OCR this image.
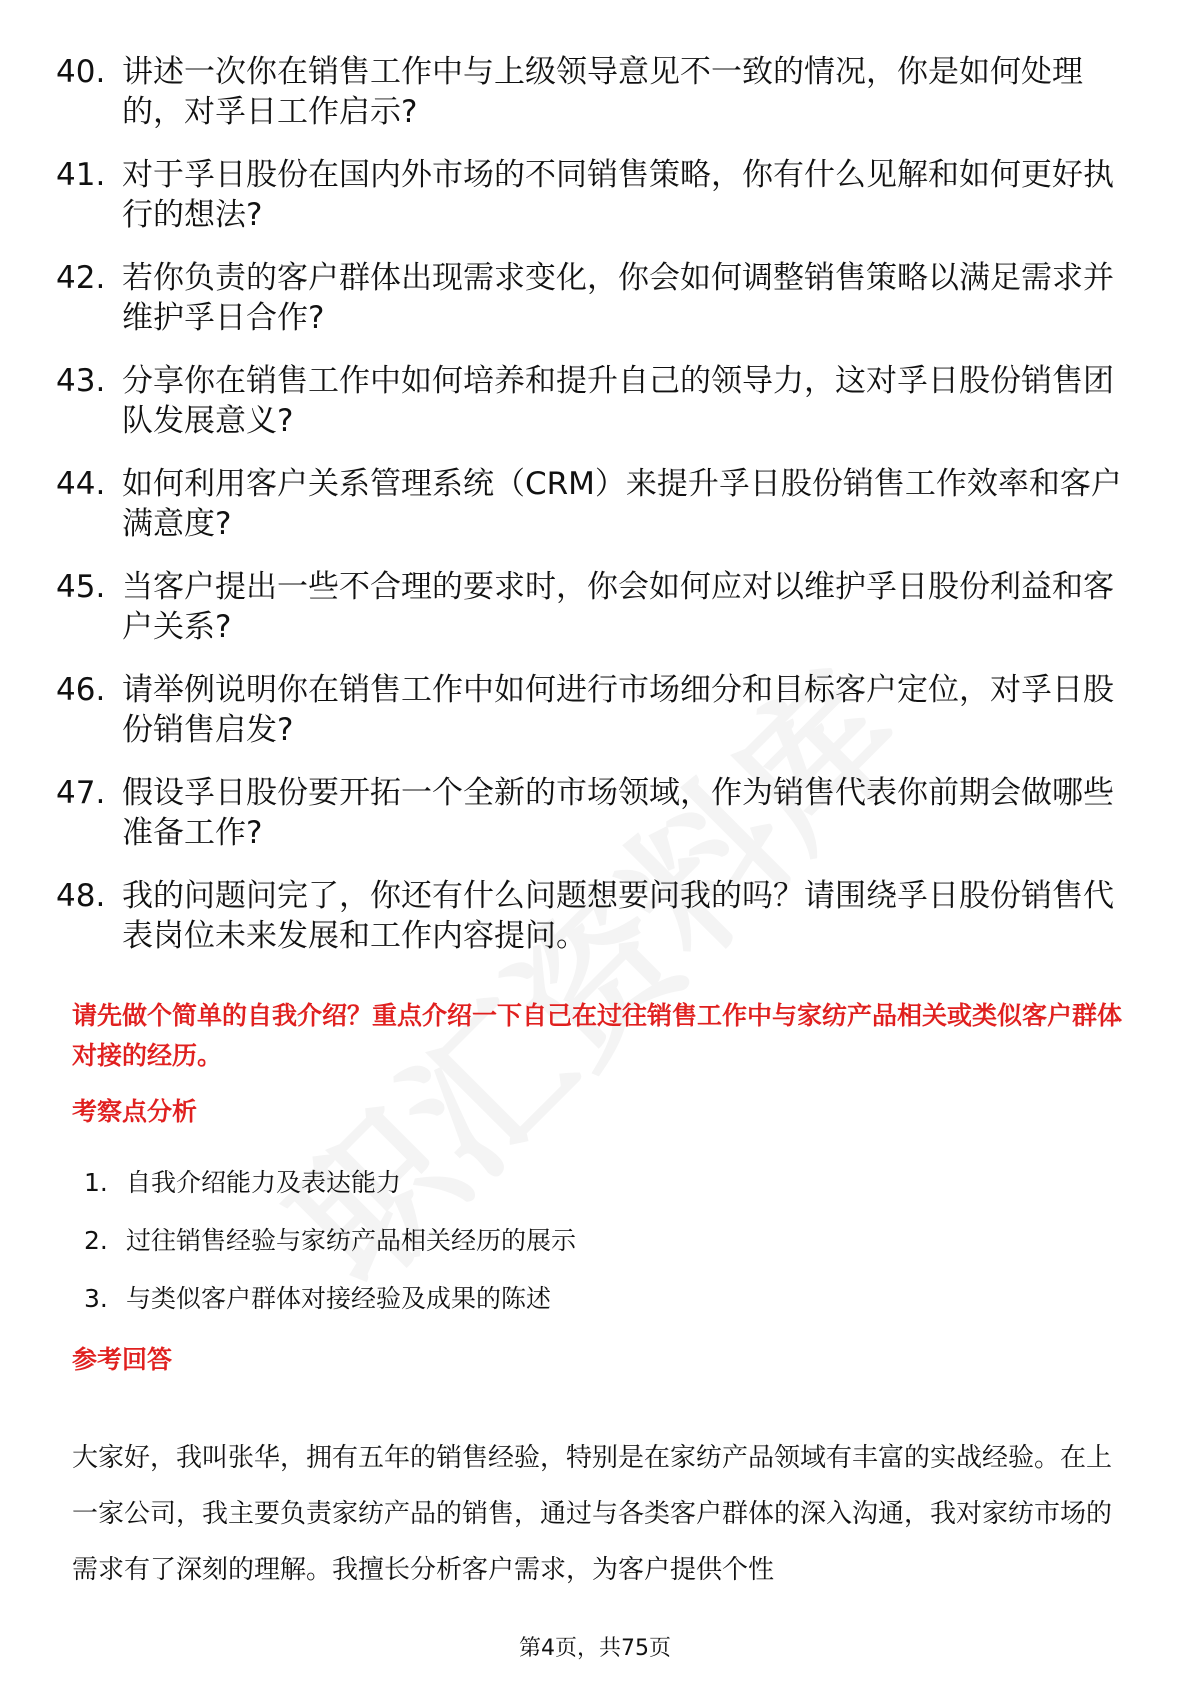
40. 讲述一次你在销售工作中与上级领导意见不一致的情况，你是如何处理的，对孚日工作启示?
41. 对于孚日股份在国内外市场的不同销售策略，你有什么见解和如何更好执行的想法?
42. 若你负责的客户群体出现需求变化，你会如何调整销售策略以满足需求并维护孚日合作?
43. 分享你在销售工作中如何培养和提升自己的领导力，这对孚日股份销售团队发展意义?
44. 如何利用客户关系管理系统（CRM）来提升孚日股份销售工作效率和客户满意度?
45. 当客户提出一些不合理的要求时，你会如何应对以维护孚日股份利益和客户关系?
46. 请举例说明你在销售工作中如何进行市场细分和目标客户定位，对孚日股份销售启发?
47. 假设孚日股份要开拓一个全新的市场领域，作为销售代表你前期会做哪些准备工作?
48. 我的问题问完了，你还有什么问题想要问我的吗？请围绕孚日股份销售代表岗位未来发展和工作内容提问。
请先做个简单的自我介绍？重点介绍一下自己在过往销售工作中与家纺产品相关或类似客户群体对接的经历。
考察点分析
1. 自我介绍能力及表达能力
2. 过往销售经验与家纺产品相关经历的展示
3. 与类似客户群体对接经验及成果的陈述
参考回答
大家好，我叫张华，拥有五年的销售经验，特别是在家纺产品领域有丰富的实战经验。在上一家公司，我主要负责家纺产品的销售，通过与各类客户群体的深入沟通，我对家纺市场的需求有了深刻的理解。我擅长分析客户需求，为客户提供个性
第4页，共75页
